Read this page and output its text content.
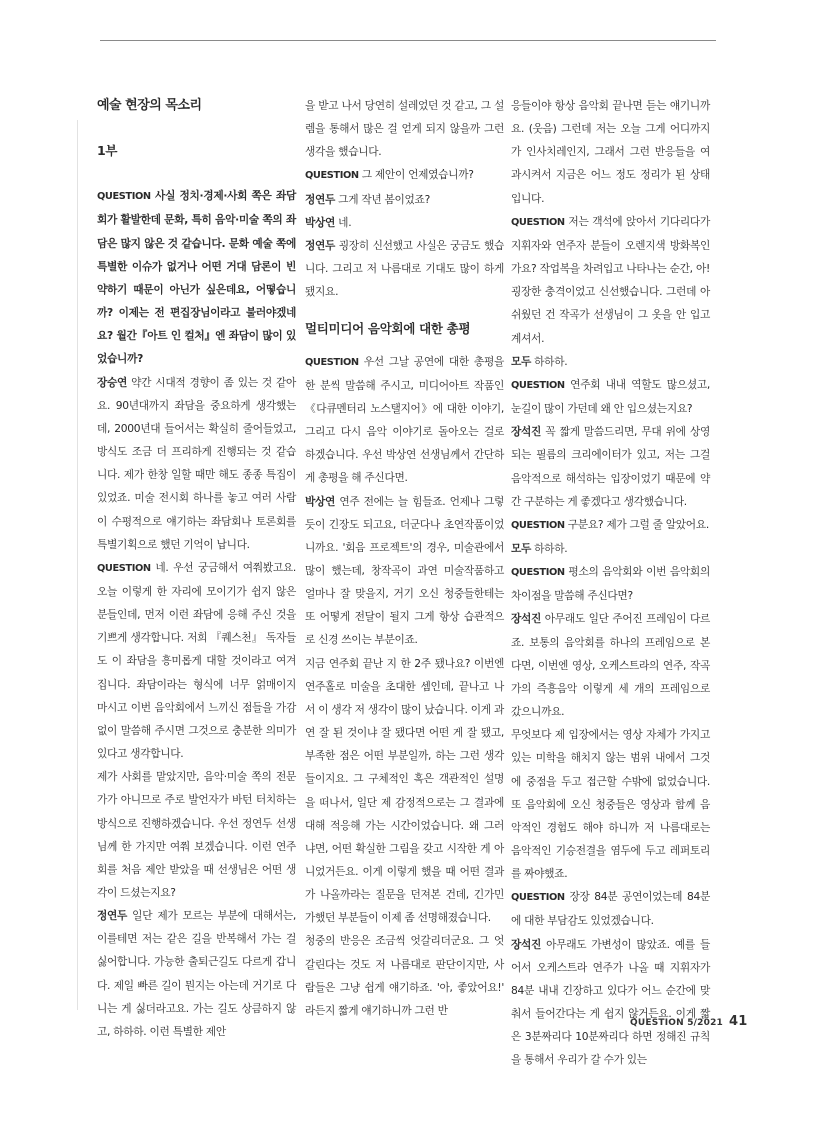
예술 현장의 목소리
1부

QUESTION 사실 정치·경제·사회 쪽은 좌담회가 활발한데 문화, 특히 음악·미술 쪽의 좌담은 많지 않은 것 같습니다. 문화 예술 쪽에 특별한 이슈가 없거나 어떤 거대 담론이 빈약하기 때문이 아닌가 싶은데요, 어떻습니까? 이제는 전 편집장님이라고 불러야겠네요? 월간『아트 인 컬처』엔 좌담이 많이 있었습니까?

장승연 약간 시대적 경향이 좀 있는 것 같아요. 90년대까지 좌담을 중요하게 생각했는데, 2000년대 들어서는 확실히 줄어들었고, 방식도 조금 더 프리하게 진행되는 것 같습니다. 제가 한창 일할 때만 해도 종종 특집이 있었죠. 미술 전시회 하나를 놓고 여러 사람이 수평적으로 얘기하는 좌담회나 토론회를 특별기획으로 했던 기억이 납니다.

QUESTION 네. 우선 궁금해서 여쭤봤고요. 오늘 이렇게 한 자리에 모이기가 쉽지 않은 분들인데, 먼저 이런 좌담에 응해 주신 것을 기쁘게 생각합니다. 저희 『퀘스천』 독자들도 이 좌담을 흥미롭게 대할 것이라고 여겨집니다. 좌담이라는 형식에 너무 얽매이지 마시고 이번 음악회에서 느끼신 점들을 가감 없이 말씀해 주시면 그것으로 충분한 의미가 있다고 생각합니다.

제가 사회를 맡았지만, 음악·미술 쪽의 전문가가 아니므로 주로 발언자가 바턴 터치하는 방식으로 진행하겠습니다. 우선 정연두 선생님께 한 가지만 여쭤 보겠습니다. 이런 연주회를 처음 제안 받았을 때 선생님은 어떤 생각이 드셨는지요?

정연두 일단 제가 모르는 부분에 대해서는, 이를테면 저는 같은 길을 반복해서 가는 걸 싫어합니다. 가능한 출퇴근길도 다르게 갑니다. 제일 빠른 길이 뭔지는 아는데 거기로 다니는 게 싫더라고요. 가는 길도 상큼하지 않고, 하하하. 이런 특별한 제안

을 받고 나서 당연히 설레었던 것 같고, 그 설렘을 통해서 많은 걸 얻게 되지 않을까 그런 생각을 했습니다.

QUESTION 그 제안이 언제였습니까?

정연두 그게 작년 봄이었죠?

박상연 네.

정연두 굉장히 신선했고 사실은 궁금도 했습니다. 그리고 저 나름대로 기대도 많이 하게 됐지요.

멀티미디어 음악회에 대한 총평

QUESTION 우선 그날 공연에 대한 총평을 한 분씩 말씀해 주시고, 미디어아트 작품인《다큐멘터리 노스탤지어》에 대한 이야기, 그리고 다시 음악 이야기로 돌아오는 걸로 하겠습니다. 우선 박상연 선생님께서 간단하게 총평을 해 주신다면.

박상연 연주 전에는 늘 힘들죠. 언제나 그렇듯이 긴장도 되고요, 더군다나 초연작품이었니까요. '회음 프로젝트'의 경우, 미술관에서 많이 했는데, 창작곡이 과연 미술작품하고 얼마나 잘 맞을지, 거기 오신 청중들한테는 또 어떻게 전달이 될지 그게 항상 습관적으로 신경 쓰이는 부분이죠.

지금 연주회 끝난 지 한 2주 됐나요? 이번엔 연주홀로 미술을 초대한 셈인데, 끝나고 나서 이 생각 저 생각이 많이 났습니다. 이게 과연 잘 된 것이냐 잘 됐다면 어떤 게 잘 됐고, 부족한 점은 어떤 부분일까, 하는 그런 생각들이지요. 그 구체적인 혹은 객관적인 설명을 떠나서, 일단 제 감정적으로는 그 결과에 대해 적응해 가는 시간이었습니다. 왜 그러냐면, 어떤 확실한 그림을 갖고 시작한 게 아니었거든요. 이게 이렇게 했을 때 어떤 결과가 나올까라는 질문을 던져본 건데, 긴가민가했던 부분들이 이제 좀 선명해졌습니다.

청중의 반응은 조금씩 엇갈리더군요. 그 엇갈린다는 것도 저 나름대로 판단이지만, 사람들은 그냥 쉽게 얘기하죠. '아, 좋았어요!' 라든지 짧게 얘기하니까 그런 반

응들이야 항상 음악회 끝나면 듣는 얘기니까요. (웃음) 그런데 저는 오늘 그게 어디까지가 인사치레인지, 그래서 그런 반응들을 여과시켜서 지금은 어느 정도 정리가 된 상태입니다.

QUESTION 저는 객석에 앉아서 기다리다가 지휘자와 연주자 분들이 오렌지색 방화복인가요? 작업복을 차려입고 나타나는 순간, 아! 굉장한 충격이었고 신선했습니다. 그런데 아쉬웠던 건 작곡가 선생님이 그 옷을 안 입고 계셔서.

모두 하하하.

QUESTION 연주회 내내 역할도 많으셨고, 눈길이 많이 가던데 왜 안 입으셨는지요?

장석진 꼭 짧게 말씀드리면, 무대 위에 상영되는 필름의 크리에이터가 있고, 저는 그걸 음악적으로 해석하는 입장이었기 때문에 약간 구분하는 게 좋겠다고 생각했습니다.

QUESTION 구분요? 제가 그럴 줄 알았어요.

모두 하하하.

QUESTION 평소의 음악회와 이번 음악회의 차이점을 말씀해 주신다면?

장석진 아무래도 일단 주어진 프레임이 다르죠. 보통의 음악회를 하나의 프레임으로 본다면, 이번엔 영상, 오케스트라의 연주, 작곡가의 즉흥음악 이렇게 세 개의 프레임으로 갔으니까요.

무엇보다 제 입장에서는 영상 자체가 가지고 있는 미학을 해치지 않는 범위 내에서 그것에 중점을 두고 접근할 수밖에 없었습니다. 또 음악회에 오신 청중들은 영상과 함께 음악적인 경험도 해야 하니까 저 나름대로는 음악적인 기승전결을 염두에 두고 레퍼토리를 짜야했죠.

QUESTION 장장 84분 공연이었는데 84분에 대한 부담감도 있었겠습니다.

장석진 아무래도 가변성이 많았죠. 예를 들어서 오케스트라 연주가 나올 때 지휘자가 84분 내내 긴장하고 있다가 어느 순간에 맞춰서 들어간다는 게 쉽지 않거든요. 이게 짧은 3분짜리다 10분짜리다 하면 정해진 규칙을 통해서 우리가 갈 수가 있는

QUESTION 5/2021 41
